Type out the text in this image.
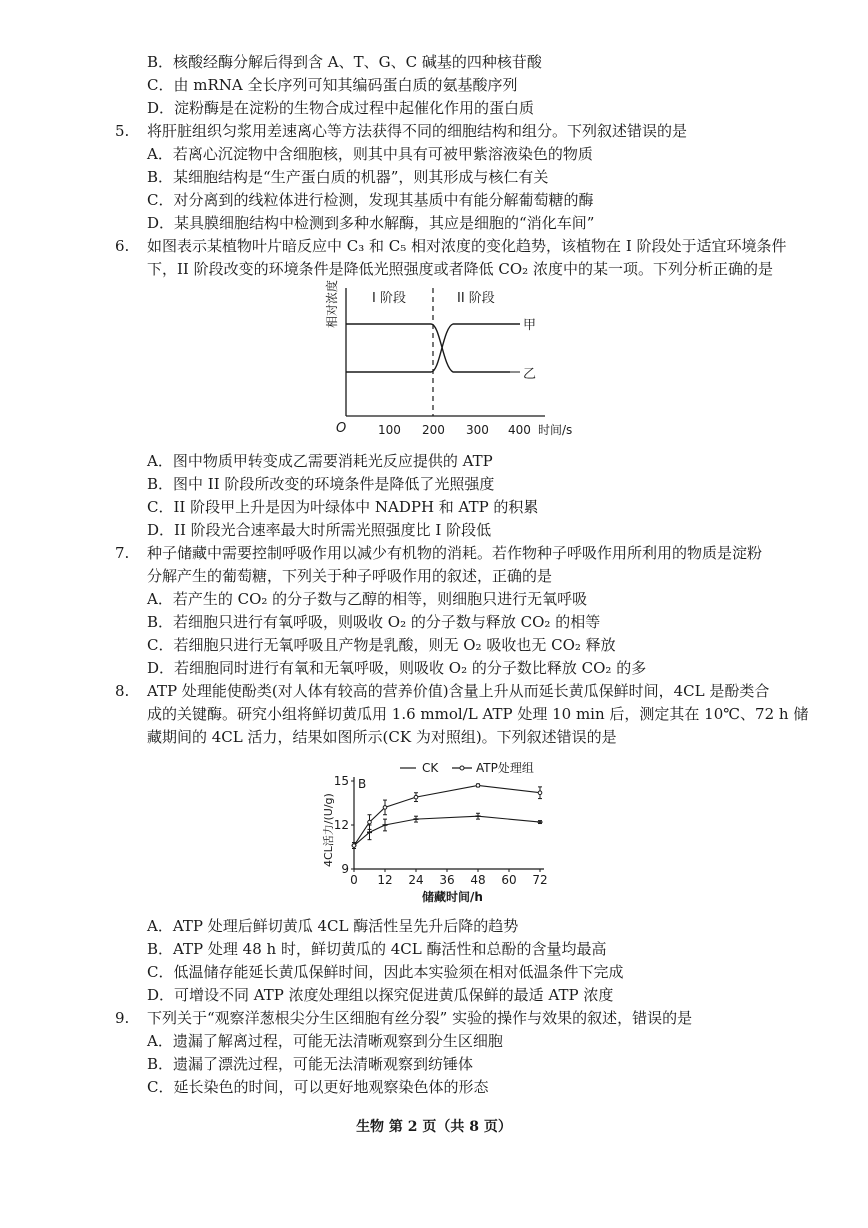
B．核酸经酶分解后得到含 A、T、G、C 碱基的四种核苷酸
C．由 mRNA 全长序列可知其编码蛋白质的氨基酸序列
D．淀粉酶是在淀粉的生物合成过程中起催化作用的蛋白质
5. 将肝脏组织匀浆用差速离心等方法获得不同的细胞结构和组分。下列叙述错误的是
A．若离心沉淀物中含细胞核，则其中具有可被甲紫溶液染色的物质
B．某细胞结构是“生产蛋白质的机器”，则其形成与核仁有关
C．对分离到的线粒体进行检测，发现其基质中有能分解葡萄糖的酶
D．某具膜细胞结构中检测到多种水解酶，其应是细胞的“消化车间”
6. 如图表示某植物叶片暗反应中 C₃ 和 C₅ 相对浓度的变化趋势，该植物在 I 阶段处于适宜环境条件
下，II 阶段改变的环境条件是降低光照强度或者降低 CO₂ 浓度中的某一项。下列分析正确的是
甲
乙
I 阶段	II 阶段
相对浓度
O	100 200 300 400 时间/s
A．图中物质甲转变成乙需要消耗光反应提供的 ATP
B．图中 II 阶段所改变的环境条件是降低了光照强度
C．II 阶段甲上升是因为叶绿体中 NADPH 和 ATP 的积累
D．II 阶段光合速率最大时所需光照强度比 I 阶段低
7. 种子储藏中需要控制呼吸作用以减少有机物的消耗。若作物种子呼吸作用所利用的物质是淀粉
分解产生的葡萄糖，下列关于种子呼吸作用的叙述，正确的是
A．若产生的 CO₂ 的分子数与乙醇的相等，则细胞只进行无氧呼吸
B．若细胞只进行有氧呼吸，则吸收 O₂ 的分子数与释放 CO₂ 的相等
C．若细胞只进行无氧呼吸且产物是乳酸，则无 O₂ 吸收也无 CO₂ 释放
D．若细胞同时进行有氧和无氧呼吸，则吸收 O₂ 的分子数比释放 CO₂ 的多
8. ATP 处理能使酚类(对人体有较高的营养价值)含量上升从而延长黄瓜保鲜时间，4CL 是酚类合
成的关键酶。研究小组将鲜切黄瓜用 1.6 mmol/L ATP 处理 10 min 后，测定其在 10℃、72 h 储
藏期间的 4CL 活力，结果如图所示(CK 为对照组)。下列叙述错误的是
4CL活力/(U/g)
B
储藏时间/h
CK	ATP处理组
0 12 24 36 48 60 72
9
12
15
A．ATP 处理后鲜切黄瓜 4CL 酶活性呈先升后降的趋势
B．ATP 处理 48 h 时，鲜切黄瓜的 4CL 酶活性和总酚的含量均最高
C．低温储存能延长黄瓜保鲜时间，因此本实验须在相对低温条件下完成
D．可增设不同 ATP 浓度处理组以探究促进黄瓜保鲜的最适 ATP 浓度
9. 下列关于“观察洋葱根尖分生区细胞有丝分裂” 实验的操作与效果的叙述，错误的是
A．遗漏了解离过程，可能无法清晰观察到分生区细胞
B．遗漏了漂洗过程，可能无法清晰观察到纺锤体
C．延长染色的时间，可以更好地观察染色体的形态
生物 第 2 页（共 8 页）
